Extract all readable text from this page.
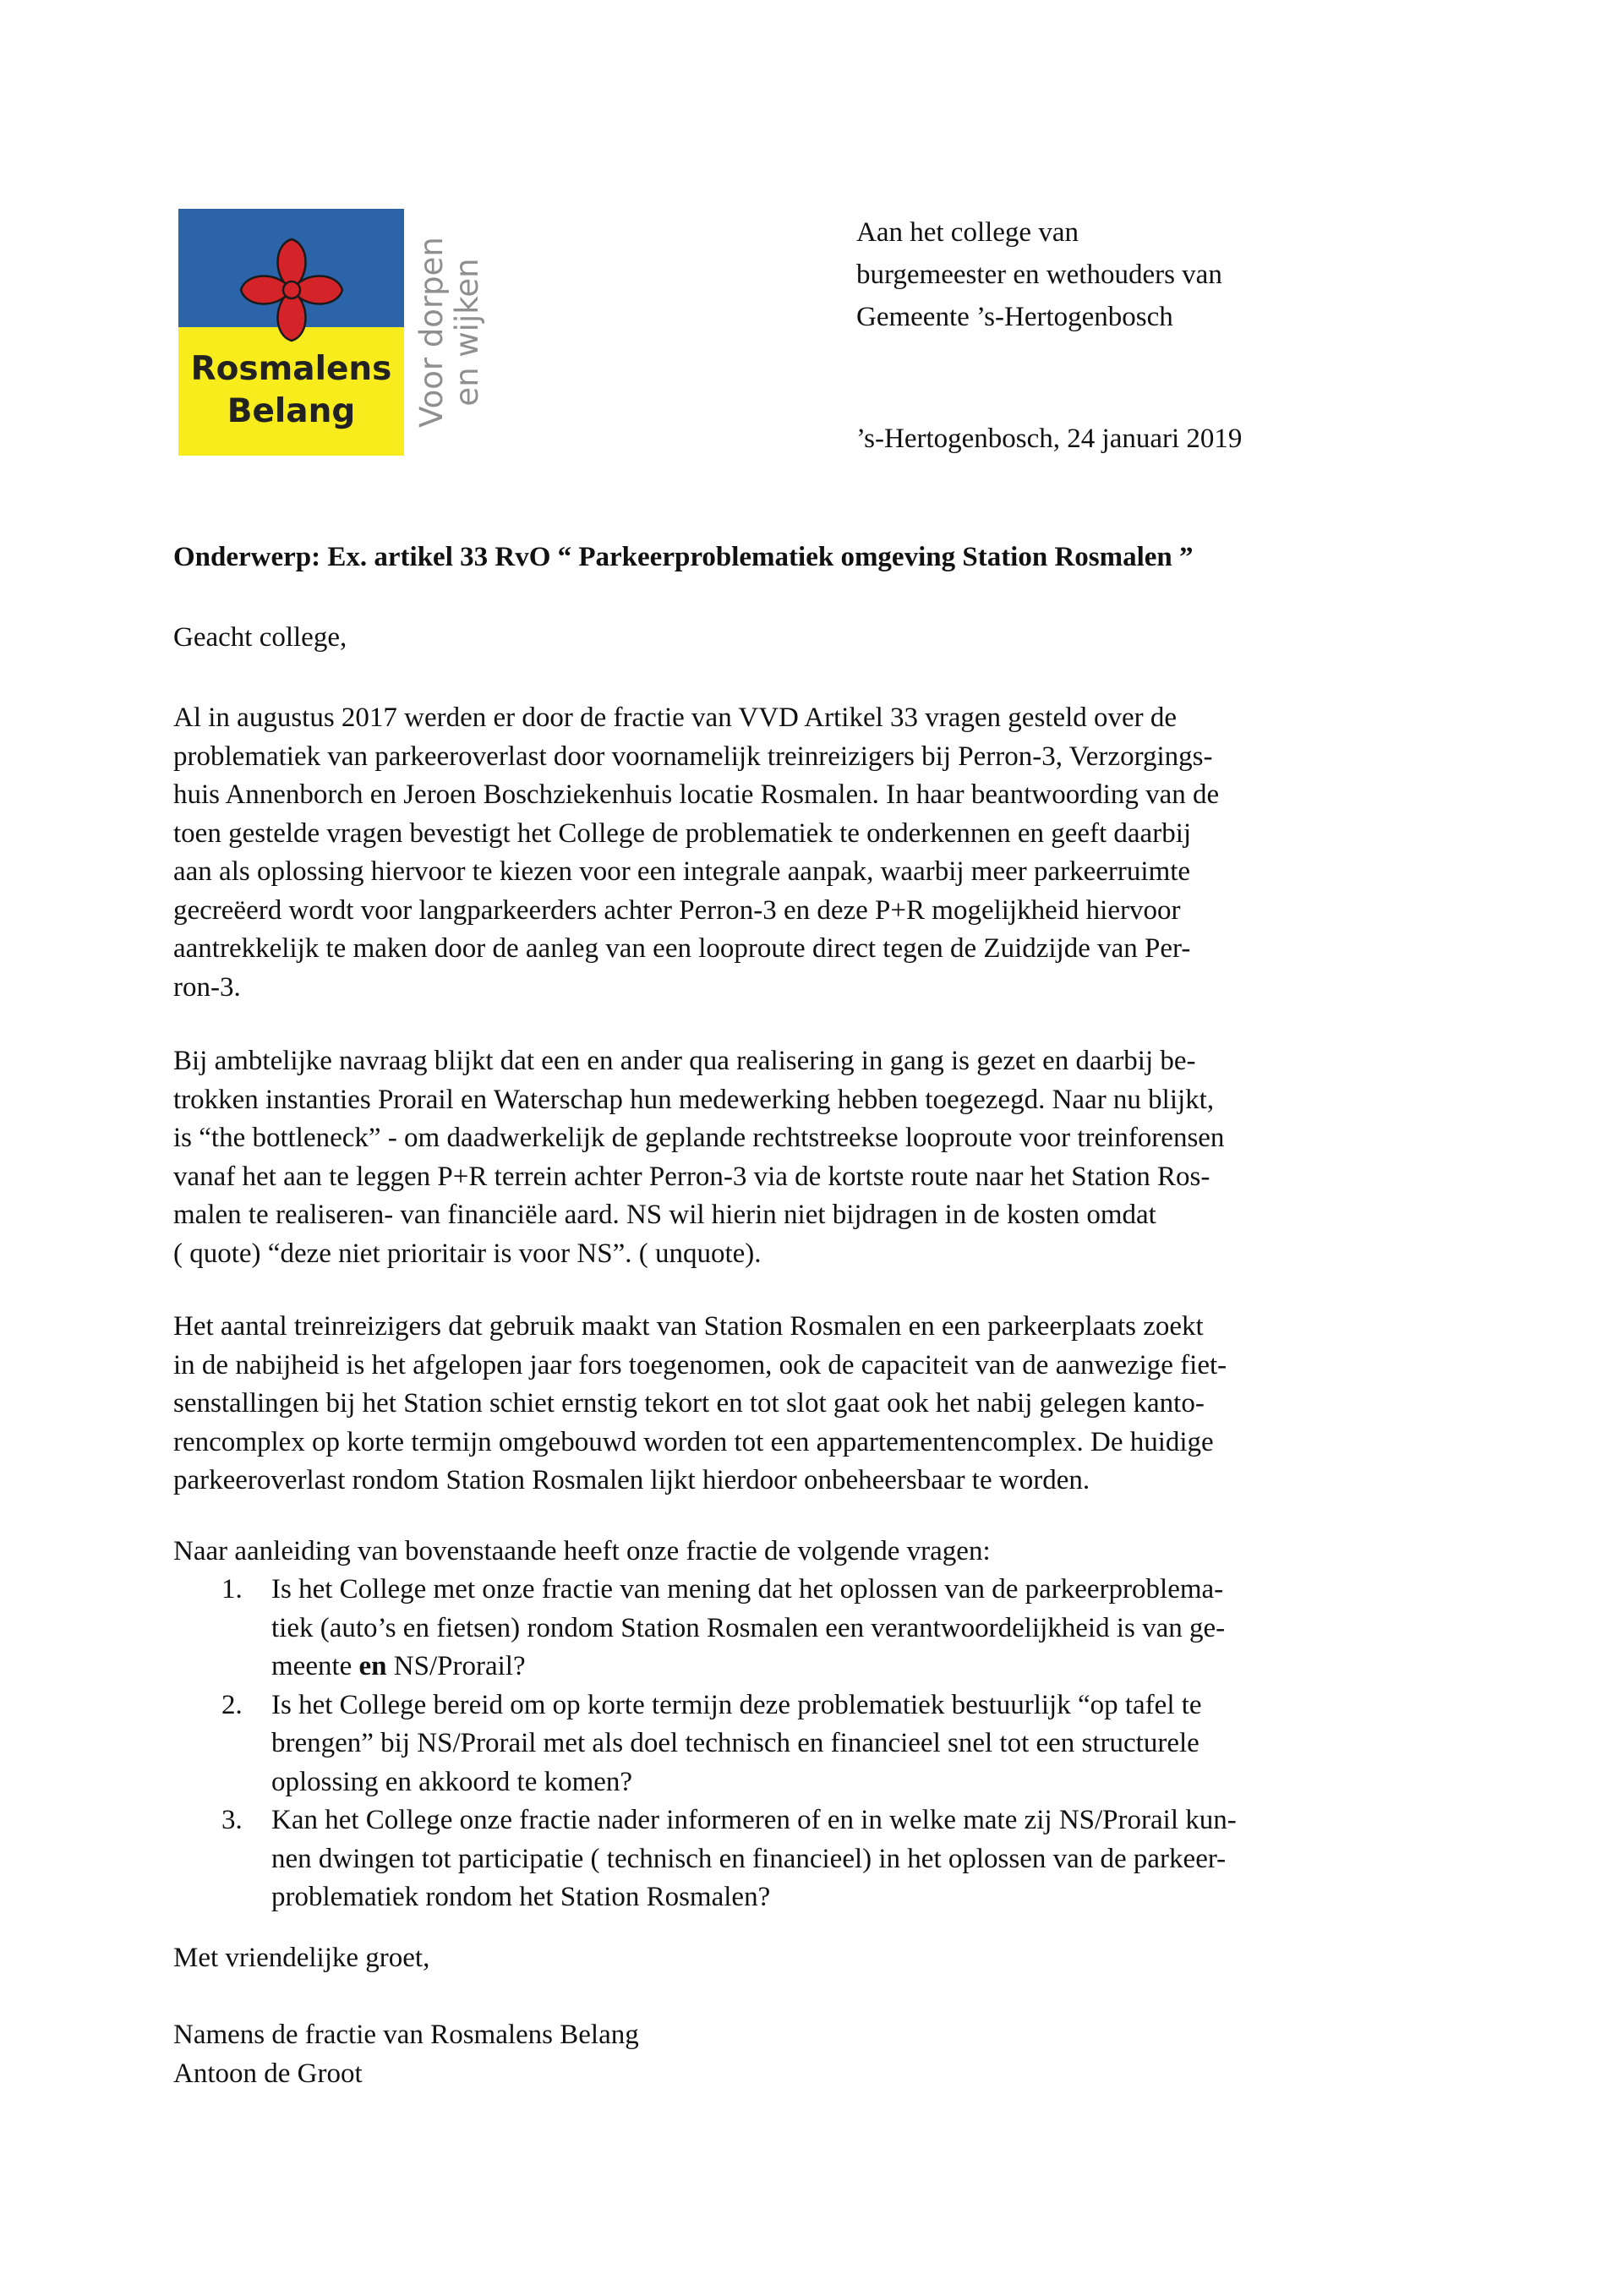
Rosmalens
Belang	Voor dorpen en wijken
Aan het college van
burgemeester en wethouders van
Gemeente ’s-Hertogenbosch
’s-Hertogenbosch, 24 januari 2019
Onderwerp: Ex. artikel 33 RvO “ Parkeerproblematiek omgeving Station Rosmalen ”
Geacht college,
Al in augustus 2017 werden er door de fractie van VVD Artikel 33 vragen gesteld over de
problematiek van parkeeroverlast door voornamelijk treinreizigers bij Perron-3, Verzorgings-
huis Annenborch en Jeroen Boschziekenhuis locatie Rosmalen. In haar beantwoording van de
toen gestelde vragen bevestigt het College de problematiek te onderkennen en geeft daarbij
aan als oplossing hiervoor te kiezen voor een integrale aanpak, waarbij meer parkeerruimte
gecreëerd wordt voor langparkeerders achter Perron-3 en deze P+R mogelijkheid hiervoor
aantrekkelijk te maken door de aanleg van een looproute direct tegen de Zuidzijde van Per-
ron-3.
Bij ambtelijke navraag blijkt dat een en ander qua realisering in gang is gezet en daarbij be-
trokken instanties Prorail en Waterschap hun medewerking hebben toegezegd. Naar nu blijkt,
is “the bottleneck” - om daadwerkelijk de geplande rechtstreekse looproute voor treinforensen
vanaf het aan te leggen P+R terrein achter Perron-3 via de kortste route naar het Station Ros-
malen te realiseren- van financiële aard. NS wil hierin niet bijdragen in de kosten omdat
( quote) “deze niet prioritair is voor NS”. ( unquote).
Het aantal treinreizigers dat gebruik maakt van Station Rosmalen en een parkeerplaats zoekt
in de nabijheid is het afgelopen jaar fors toegenomen, ook de capaciteit van de aanwezige fiet-
senstallingen bij het Station schiet ernstig tekort en tot slot gaat ook het nabij gelegen kanto-
rencomplex op korte termijn omgebouwd worden tot een appartementencomplex. De huidige
parkeeroverlast rondom Station Rosmalen lijkt hierdoor onbeheersbaar te worden.
Naar aanleiding van bovenstaande heeft onze fractie de volgende vragen:
1. Is het College met onze fractie van mening dat het oplossen van de parkeerproblema-
tiek (auto’s en fietsen) rondom Station Rosmalen een verantwoordelijkheid is van ge-
meente en NS/Prorail?
2. Is het College bereid om op korte termijn deze problematiek bestuurlijk “op tafel te
brengen” bij NS/Prorail met als doel technisch en financieel snel tot een structurele
oplossing en akkoord te komen?
3. Kan het College onze fractie nader informeren of en in welke mate zij NS/Prorail kun-
nen dwingen tot participatie ( technisch en financieel) in het oplossen van de parkeer-
problematiek rondom het Station Rosmalen?
Met vriendelijke groet,
Namens de fractie van Rosmalens Belang
Antoon de Groot
